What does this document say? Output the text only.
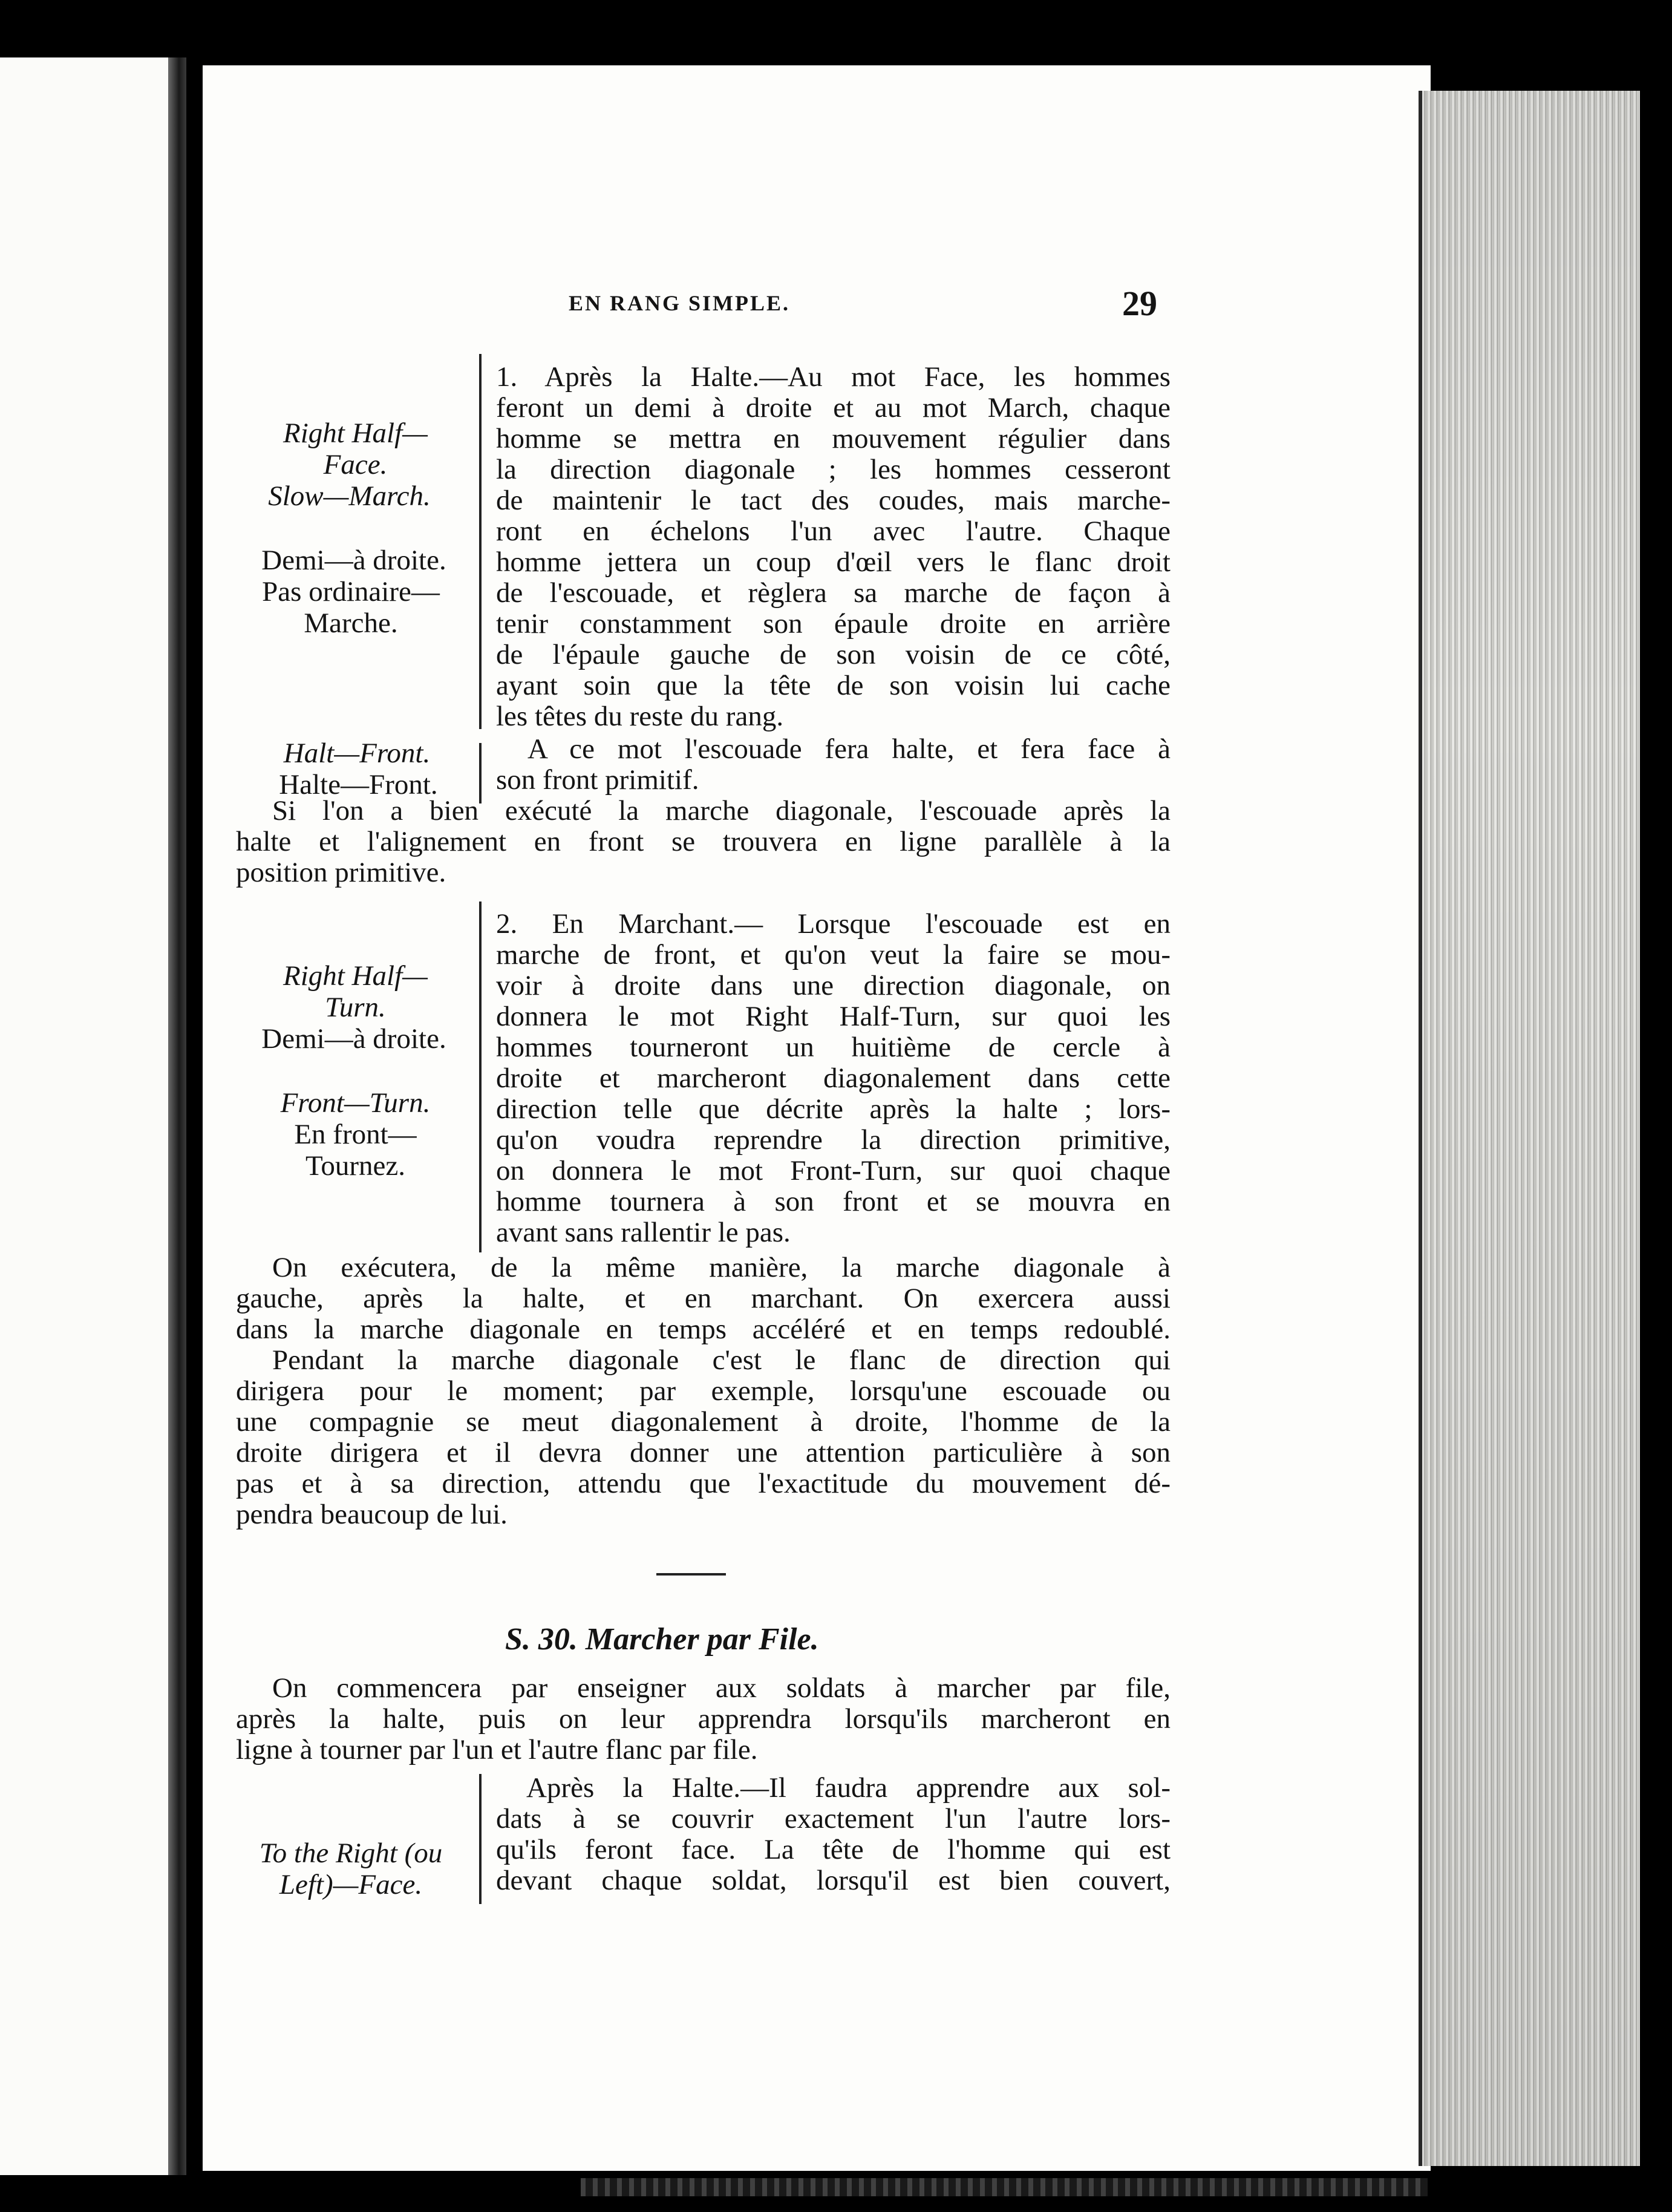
EN RANG SIMPLE.	29
Right Half—
Face.
Slow—March.
Demi—à droite.
Pas ordinaire—
Marche.
1. Après la Halte.—Au mot Face, les hommes
feront un demi à droite et au mot March, chaque
homme se mettra en mouvement régulier dans
la direction diagonale ; les hommes cesseront
de maintenir le tact des coudes, mais marche-
ront en échelons l'un avec l'autre. Chaque
homme jettera un coup d'œil vers le flanc droit
de l'escouade, et règlera sa marche de façon à
tenir constamment son épaule droite en arrière
de l'épaule gauche de son voisin de ce côté,
ayant soin que la tête de son voisin lui cache
les têtes du reste du rang.
Halt—Front.
Halte—Front.
A ce mot l'escouade fera halte, et fera face à
son front primitif.
Si l'on a bien exécuté la marche diagonale, l'escouade après la
halte et l'alignement en front se trouvera en ligne parallèle à la
position primitive.
Right Half—
Turn.
Demi—à droite.
Front—Turn.
En front—
Tournez.
2. En Marchant.— Lorsque l'escouade est en
marche de front, et qu'on veut la faire se mou-
voir à droite dans une direction diagonale, on
donnera le mot Right Half-Turn, sur quoi les
hommes tourneront un huitième de cercle à
droite et marcheront diagonalement dans cette
direction telle que décrite après la halte ; lors-
qu'on voudra reprendre la direction primitive,
on donnera le mot Front-Turn, sur quoi chaque
homme tournera à son front et se mouvra en
avant sans rallentir le pas.
On exécutera, de la même manière, la marche diagonale à
gauche, après la halte, et en marchant. On exercera aussi
dans la marche diagonale en temps accéléré et en temps redoublé.
Pendant la marche diagonale c'est le flanc de direction qui
dirigera pour le moment; par exemple, lorsqu'une escouade ou
une compagnie se meut diagonalement à droite, l'homme de la
droite dirigera et il devra donner une attention particulière à son
pas et à sa direction, attendu que l'exactitude du mouvement dé-
pendra beaucoup de lui.
S. 30. Marcher par File.
On commencera par enseigner aux soldats à marcher par file,
après la halte, puis on leur apprendra lorsqu'ils marcheront en
ligne à tourner par l'un et l'autre flanc par file.
To the Right (ou
Left)—Face.
Après la Halte.—Il faudra apprendre aux sol-
dats à se couvrir exactement l'un l'autre lors-
qu'ils feront face. La tête de l'homme qui est
devant chaque soldat, lorsqu'il est bien couvert,
